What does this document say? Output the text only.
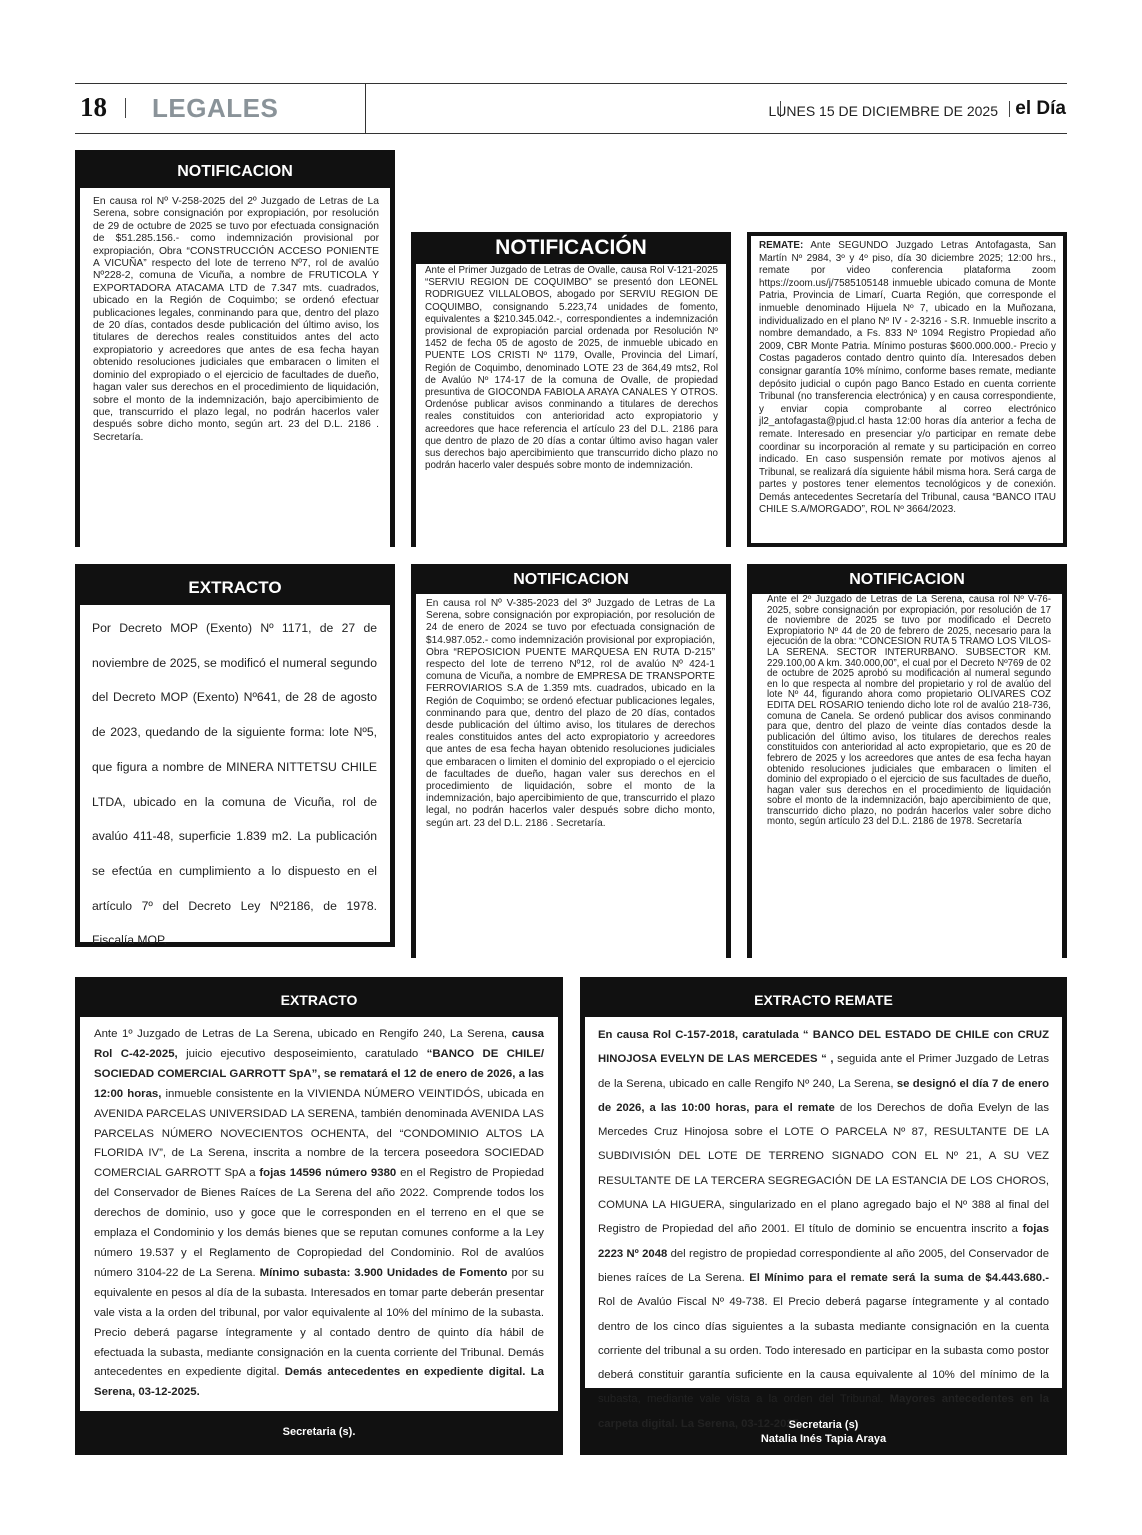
18 LEGALES	LUNES 15 DE DICIEMBRE DE 2025 el Día
NOTIFICACION
En causa rol Nº V-258-2025 del 2º Juzgado de Letras de La Serena, sobre consignación por expropiación, por resolución de 29 de octubre de 2025 se tuvo por efectuada consignación de $51.285.156.- como indemnización provisional por expropiación, Obra “CONSTRUCCIÓN ACCESO PONIENTE A VICUÑA” respecto del lote de terreno Nº7, rol de avalúo Nº228-2, comuna de Vicuña, a nombre de FRUTICOLA Y EXPORTADORA ATACAMA LTD de 7.347 mts. cuadrados, ubicado en la Región de Coquimbo; se ordenó efectuar publicaciones legales, conminando para que, dentro del plazo de 20 días, contados desde publicación del último aviso, los titulares de derechos reales constituidos antes del acto expropiatorio y acreedores que antes de esa fecha hayan obtenido resoluciones judiciales que embaracen o limiten el dominio del expropiado o el ejercicio de facultades de dueño, hagan valer sus derechos en el procedimiento de liquidación, sobre el monto de la indemnización, bajo apercibimiento de que, transcurrido el plazo legal, no podrán hacerlos valer después sobre dicho monto, según art. 23 del D.L. 2186 . Secretaría.
ISABEL CORTES RAMOS
SECRETARIO (S)
Doce de noviembre de dos mil veinticinco
NOTIFICACIÓN
Ante el Primer Juzgado de Letras de Ovalle, causa Rol V-121-2025 “SERVIU REGION DE COQUIMBO” se presentó don LEONEL RODRIGUEZ VILLALOBOS, abogado por SERVIU REGION DE COQUIMBO, consignando 5.223,74 unidades de fomento, equivalentes a $210.345.042.-, correspondientes a indemnización provisional de expropiación parcial ordenada por Resolución Nº 1452 de fecha 05 de agosto de 2025, de inmueble ubicado en PUENTE LOS CRISTI Nº 1179, Ovalle, Provincia del Limarí, Región de Coquimbo, denominado LOTE 23 de 364,49 mts2, Rol de Avalúo Nº 174-17 de la comuna de Ovalle, de propiedad presuntiva de GIOCONDA FABIOLA ARAYA CANALES Y OTROS. Ordenóse publicar avisos conminando a titulares de derechos reales constituidos con anterioridad acto expropiatorio y acreedores que hace referencia el artículo 23 del D.L. 2186 para que dentro de plazo de 20 días a contar último aviso hagan valer sus derechos bajo apercibimiento que transcurrido dicho plazo no podrán hacerlo valer después sobre monto de indemnización.
JUAN RODRIGO VARAS ADAROS
SECRETARIO SUBROGANTE
REMATE: Ante SEGUNDO Juzgado Letras Antofagasta, San Martín Nº 2984, 3º y 4º piso, día 30 diciembre 2025; 12:00 hrs., remate por video conferencia plataforma zoom https://zoom.us/j/7585105148 inmueble ubicado comuna de Monte Patria, Provincia de Limarí, Cuarta Región, que corresponde el inmueble denominado Hijuela Nº 7, ubicado en la Muñozana, individualizado en el plano Nº IV - 2-3216 - S.R. Inmueble inscrito a nombre demandado, a Fs. 833 Nº 1094 Registro Propiedad año 2009, CBR Monte Patria. Mínimo posturas $600.000.000.- Precio y Costas pagaderos contado dentro quinto día. Interesados deben consignar garantía 10% mínimo, conforme bases remate, mediante depósito judicial o cupón pago Banco Estado en cuenta corriente Tribunal (no transferencia electrónica) y en causa correspondiente, y enviar copia comprobante al correo electrónico jl2_antofagasta@pjud.cl hasta 12:00 horas día anterior a fecha de remate. Interesado en presenciar y/o participar en remate debe coordinar su incorporación al remate y su participación en correo indicado. En caso suspensión remate por motivos ajenos al Tribunal, se realizará día siguiente hábil misma hora. Será carga de partes y postores tener elementos tecnológicos y de conexión. Demás antecedentes Secretaría del Tribunal, causa “BANCO ITAU CHILE S.A/MORGADO”, ROL Nº 3664/2023.
EXTRACTO
Por Decreto MOP (Exento) Nº 1171, de 27 de noviembre de 2025, se modificó el numeral segundo del Decreto MOP (Exento) Nº641, de 28 de agosto de 2023, quedando de la siguiente forma: lote Nº5, que figura a nombre de MINERA NITTETSU CHILE LTDA, ubicado en la comuna de Vicuña, rol de avalúo 411-48, superficie 1.839 m2. La publicación se efectúa en cumplimiento a lo dispuesto en el artículo 7º del Decreto Ley Nº2186, de 1978. Fiscalía MOP.
NOTIFICACION
En causa rol Nº V-385-2023 del 3º Juzgado de Letras de La Serena, sobre consignación por expropiación, por resolución de 24 de enero de 2024 se tuvo por efectuada consignación de $14.987.052.- como indemnización provisional por expropiación, Obra “REPOSICION PUENTE MARQUESA EN RUTA D-215” respecto del lote de terreno Nº12, rol de avalúo Nº 424-1 comuna de Vicuña, a nombre de EMPRESA DE TRANSPORTE FERROVIARIOS S.A de 1.359 mts. cuadrados, ubicado en la Región de Coquimbo; se ordenó efectuar publicaciones legales, conminando para que, dentro del plazo de 20 días, contados desde publicación del último aviso, los titulares de derechos reales constituidos antes del acto expropiatorio y acreedores que antes de esa fecha hayan obtenido resoluciones judiciales que embaracen o limiten el dominio del expropiado o el ejercicio de facultades de dueño, hagan valer sus derechos en el procedimiento de liquidación, sobre el monto de la indemnización, bajo apercibimiento de que, transcurrido el plazo legal, no podrán hacerlos valer después sobre dicho monto, según art. 23 del D.L. 2186 . Secretaría.
ERICK BARRIOS RIQUELME
SECRETARIO (S)
Diecisiete de noviembre de dos mil veinticinco
NOTIFICACION
Ante el 2º Juzgado de Letras de La Serena, causa rol Nº V-76-2025, sobre consignación por expropiación, por resolución de 17 de noviembre de 2025 se tuvo por modificado el Decreto Expropiatorio Nº 44 de 20 de febrero de 2025, necesario para la ejecución de la obra: “CONCESION RUTA 5 TRAMO LOS VILOS-LA SERENA. SECTOR INTERURBANO. SUBSECTOR KM. 229.100,00 A km. 340.000,00”, el cual por el Decreto Nº769 de 02 de octubre de 2025 aprobó su modificación al numeral segundo en lo que respecta al nombre del propietario y rol de avalúo del lote Nº 44, figurando ahora como propietario OLIVARES COZ EDITA DEL ROSARIO teniendo dicho lote rol de avalúo 218-736, comuna de Canela. Se ordenó publicar dos avisos conminando para que, dentro del plazo de veinte días contados desde la publicación del último aviso, los titulares de derechos reales constituidos con anterioridad al acto expropietario, que es 20 de febrero de 2025 y los acreedores que antes de esa fecha hayan obtenido resoluciones judiciales que embaracen o limiten el dominio del expropiado o el ejercicio de sus facultades de dueño, hagan valer sus derechos en el procedimiento de liquidación sobre el monto de la indemnización, bajo apercibimiento de que, transcurrido dicho plazo, no podrán hacerlos valer sobre dicho monto, según artículo 23 del D.L. 2186 de 1978. Secretaría
ISABEL CORTES RAMOS
SECRETARIO (S)
Veintiocho de noviembre de dos mil veinticinco
EXTRACTO
Ante 1º Juzgado de Letras de La Serena, ubicado en Rengifo 240, La Serena, causa Rol C-42-2025, juicio ejecutivo desposeimiento, caratulado “BANCO DE CHILE/ SOCIEDAD COMERCIAL GARROTT SpA”, se rematará el 12 de enero de 2026, a las 12:00 horas, inmueble consistente en la VIVIENDA NÚMERO VEINTIDÓS, ubicada en AVENIDA PARCELAS UNIVERSIDAD LA SERENA, también denominada AVENIDA LAS PARCELAS NÚMERO NOVECIENTOS OCHENTA, del “CONDOMINIO ALTOS LA FLORIDA IV”, de La Serena, inscrita a nombre de la tercera poseedora SOCIEDAD COMERCIAL GARROTT SpA a fojas 14596 número 9380 en el Registro de Propiedad del Conservador de Bienes Raíces de La Serena del año 2022. Comprende todos los derechos de dominio, uso y goce que le corresponden en el terreno en el que se emplaza el Condominio y los demás bienes que se reputan comunes conforme a la Ley número 19.537 y el Reglamento de Copropiedad del Condominio. Rol de avalúos número 3104-22 de La Serena. Mínimo subasta: 3.900 Unidades de Fomento por su equivalente en pesos al día de la subasta. Interesados en tomar parte deberán presentar vale vista a la orden del tribunal, por valor equivalente al 10% del mínimo de la subasta. Precio deberá pagarse íntegramente y al contado dentro de quinto día hábil de efectuada la subasta, mediante consignación en la cuenta corriente del Tribunal. Demás antecedentes en expediente digital. Demás antecedentes en expediente digital. La Serena, 03-12-2025.
Secretaria (s).
EXTRACTO REMATE
En causa Rol C-157-2018, caratulada “ BANCO DEL ESTADO DE CHILE con CRUZ HINOJOSA EVELYN DE LAS MERCEDES “ , seguida ante el Primer Juzgado de Letras de la Serena, ubicado en calle Rengifo Nº 240, La Serena, se designó el día 7 de enero de 2026, a las 10:00 horas, para el remate de los Derechos de doña Evelyn de las Mercedes Cruz Hinojosa sobre el LOTE O PARCELA Nº 87, RESULTANTE DE LA SUBDIVISIÓN DEL LOTE DE TERRENO SIGNADO CON EL Nº 21, A SU VEZ RESULTANTE DE LA TERCERA SEGREGACIÓN DE LA ESTANCIA DE LOS CHOROS, COMUNA LA HIGUERA, singularizado en el plano agregado bajo el Nº 388 al final del Registro de Propiedad del año 2001. El título de dominio se encuentra inscrito a fojas 2223 Nº 2048 del registro de propiedad correspondiente al año 2005, del Conservador de bienes raíces de La Serena. El Mínimo para el remate será la suma de $4.443.680.- Rol de Avalúo Fiscal Nº 49-738. El Precio deberá pagarse íntegramente y al contado dentro de los cinco días siguientes a la subasta mediante consignación en la cuenta corriente del tribunal a su orden. Todo interesado en participar en la subasta como postor deberá constituir garantía suficiente en la causa equivalente al 10% del mínimo de la subasta, mediante vale vista a la orden del Tribunal. Mayores antecedentes en la carpeta digital. La Serena, 03-12-2025.
Secretaria (s)
Natalia Inés Tapia Araya
